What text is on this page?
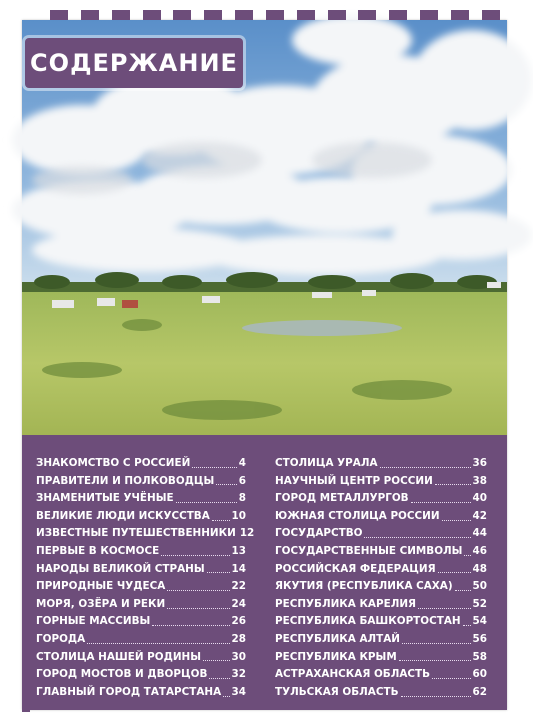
СОДЕРЖАНИЕ
ЗНАКОМСТВО С РОССИЕЙ	4
ПРАВИТЕЛИ И ПОЛКОВОДЦЫ 6
ЗНАМЕНИТЫЕ УЧЁНЫЕ	8
ВЕЛИКИЕ ЛЮДИ ИСКУССТВА 10
ИЗВЕСТНЫЕ ПУТЕШЕСТВЕННИКИ 12
ПЕРВЫЕ В КОСМОСЕ	13
НАРОДЫ ВЕЛИКОЙ СТРАНЫ	14
ПРИРОДНЫЕ ЧУДЕСА	22
МОРЯ, ОЗЁРА И РЕКИ	24
ГОРНЫЕ МАССИВЫ	26
ГОРОДА	28
СТОЛИЦА НАШЕЙ РОДИНЫ	30
ГОРОД МОСТОВ И ДВОРЦОВ 32
ГЛАВНЫЙ ГОРОД ТАТАРСТАНА 34
СТОЛИЦА УРАЛА	36
НАУЧНЫЙ ЦЕНТР РОССИИ	38
ГОРОД МЕТАЛЛУРГОВ	40
ЮЖНАЯ СТОЛИЦА РОССИИ	42
ГОСУДАРСТВО	44
ГОСУДАРСТВЕННЫЕ СИМВОЛЫ 46
РОССИЙСКАЯ ФЕДЕРАЦИЯ	48
ЯКУТИЯ (РЕСПУБЛИКА САХА) 50
РЕСПУБЛИКА КАРЕЛИЯ	52
РЕСПУБЛИКА БАШКОРТОСТАН 54
РЕСПУБЛИКА АЛТАЙ	56
РЕСПУБЛИКА КРЫМ	58
АСТРАХАНСКАЯ ОБЛАСТЬ	60
ТУЛЬСКАЯ ОБЛАСТЬ	62
